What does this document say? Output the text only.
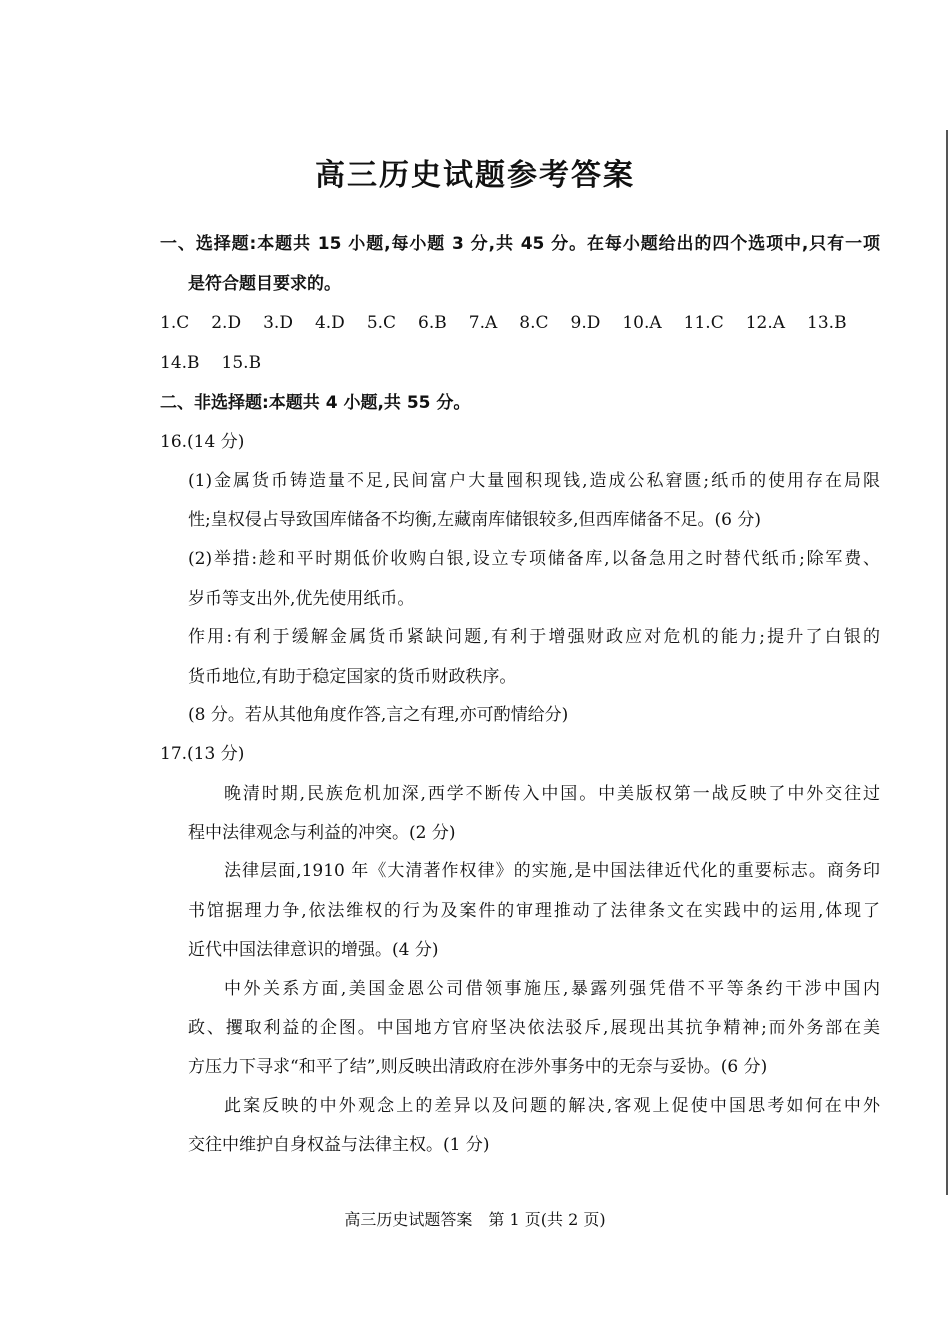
高三历史试题参考答案
一、选择题:本题共 15 小题,每小题 3 分,共 45 分。在每小题给出的四个选项中,只有一项
是符合题目要求的。
1.C 2.D 3.D 4.D 5.C 6.B 7.A 8.C 9.D 10.A 11.C 12.A 13.B
14.B 15.B
二、非选择题:本题共 4 小题,共 55 分。
16.(14 分)
(1)金属货币铸造量不足,民间富户大量囤积现钱,造成公私窘匮;纸币的使用存在局限
性;皇权侵占导致国库储备不均衡,左藏南库储银较多,但西库储备不足。(6 分)
(2)举措:趁和平时期低价收购白银,设立专项储备库,以备急用之时替代纸币;除军费、
岁币等支出外,优先使用纸币。
作用:有利于缓解金属货币紧缺问题,有利于增强财政应对危机的能力;提升了白银的
货币地位,有助于稳定国家的货币财政秩序。
(8 分。若从其他角度作答,言之有理,亦可酌情给分)
17.(13 分)
晚清时期,民族危机加深,西学不断传入中国。中美版权第一战反映了中外交往过
程中法律观念与利益的冲突。(2 分)
法律层面,1910 年《大清著作权律》的实施,是中国法律近代化的重要标志。商务印
书馆据理力争,依法维权的行为及案件的审理推动了法律条文在实践中的运用,体现了
近代中国法律意识的增强。(4 分)
中外关系方面,美国金恩公司借领事施压,暴露列强凭借不平等条约干涉中国内
政、攫取利益的企图。中国地方官府坚决依法驳斥,展现出其抗争精神;而外务部在美
方压力下寻求“和平了结”,则反映出清政府在涉外事务中的无奈与妥协。(6 分)
此案反映的中外观念上的差异以及问题的解决,客观上促使中国思考如何在中外
交往中维护自身权益与法律主权。(1 分)
高三历史试题答案　第 1 页(共 2 页)
